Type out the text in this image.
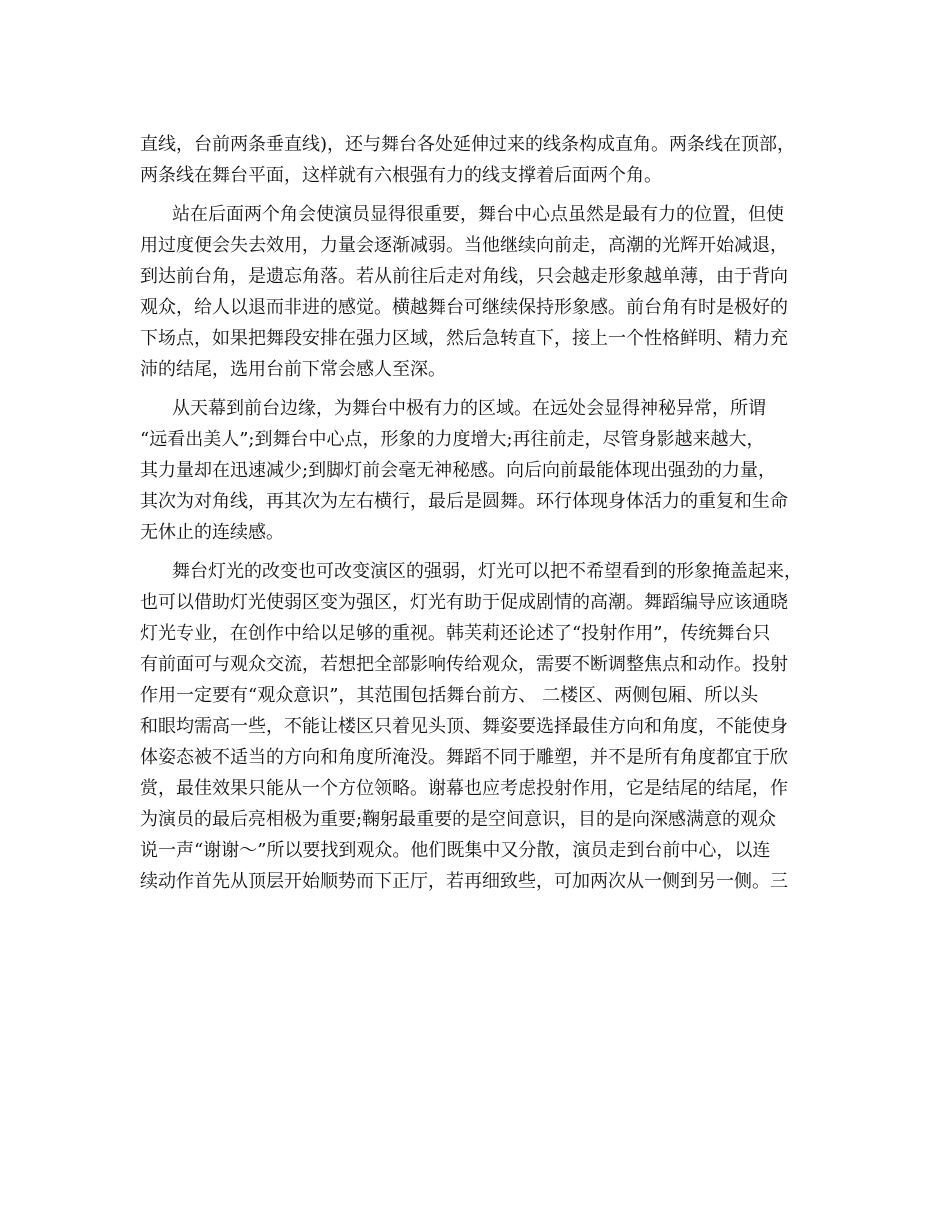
直线，台前两条垂直线)，还与舞台各处延伸过来的线条构成直角。两条线在顶部，
两条线在舞台平面，这样就有六根强有力的线支撑着后面两个角。
站在后面两个角会使演员显得很重要，舞台中心点虽然是最有力的位置，但使
用过度便会失去效用，力量会逐渐减弱。当他继续向前走，高潮的光辉开始减退，
到达前台角，是遗忘角落。若从前往后走对角线，只会越走形象越单薄，由于背向
观众，给人以退而非进的感觉。横越舞台可继续保持形象感。前台角有时是极好的
下场点，如果把舞段安排在强力区域，然后急转直下，接上一个性格鲜明、精力充
沛的结尾，选用台前下常会感人至深。
从天幕到前台边缘，为舞台中极有力的区域。在远处会显得神秘异常，所谓
“远看出美人”;到舞台中心点，形象的力度增大;再往前走，尽管身影越来越大，
其力量却在迅速减少;到脚灯前会毫无神秘感。向后向前最能体现出强劲的力量，
其次为对角线，再其次为左右横行，最后是圆舞。环行体现身体活力的重复和生命
无休止的连续感。
舞台灯光的改变也可改变演区的强弱，灯光可以把不希望看到的形象掩盖起来，
也可以借助灯光使弱区变为强区，灯光有助于促成剧情的高潮。舞蹈编导应该通晓
灯光专业，在创作中给以足够的重视。韩芙莉还论述了“投射作用”，传统舞台只
有前面可与观众交流，若想把全部影响传给观众，需要不断调整焦点和动作。投射
作用一定要有“观众意识”，其范围包括舞台前方、 二楼区、两侧包厢、所以头
和眼均需高一些，不能让楼区只着见头顶、舞姿要选择最佳方向和角度，不能使身
体姿态被不适当的方向和角度所淹没。舞蹈不同于雕塑，并不是所有角度都宜于欣
赏，最佳效果只能从一个方位领略。谢幕也应考虑投射作用，它是结尾的结尾，作
为演员的最后亮相极为重要;鞠躬最重要的是空间意识，目的是向深感满意的观众
说一声“谢谢～”所以要找到观众。他们既集中又分散，演员走到台前中心，以连
续动作首先从顶层开始顺势而下正厅，若再细致些，可加两次从一侧到另一侧。三
